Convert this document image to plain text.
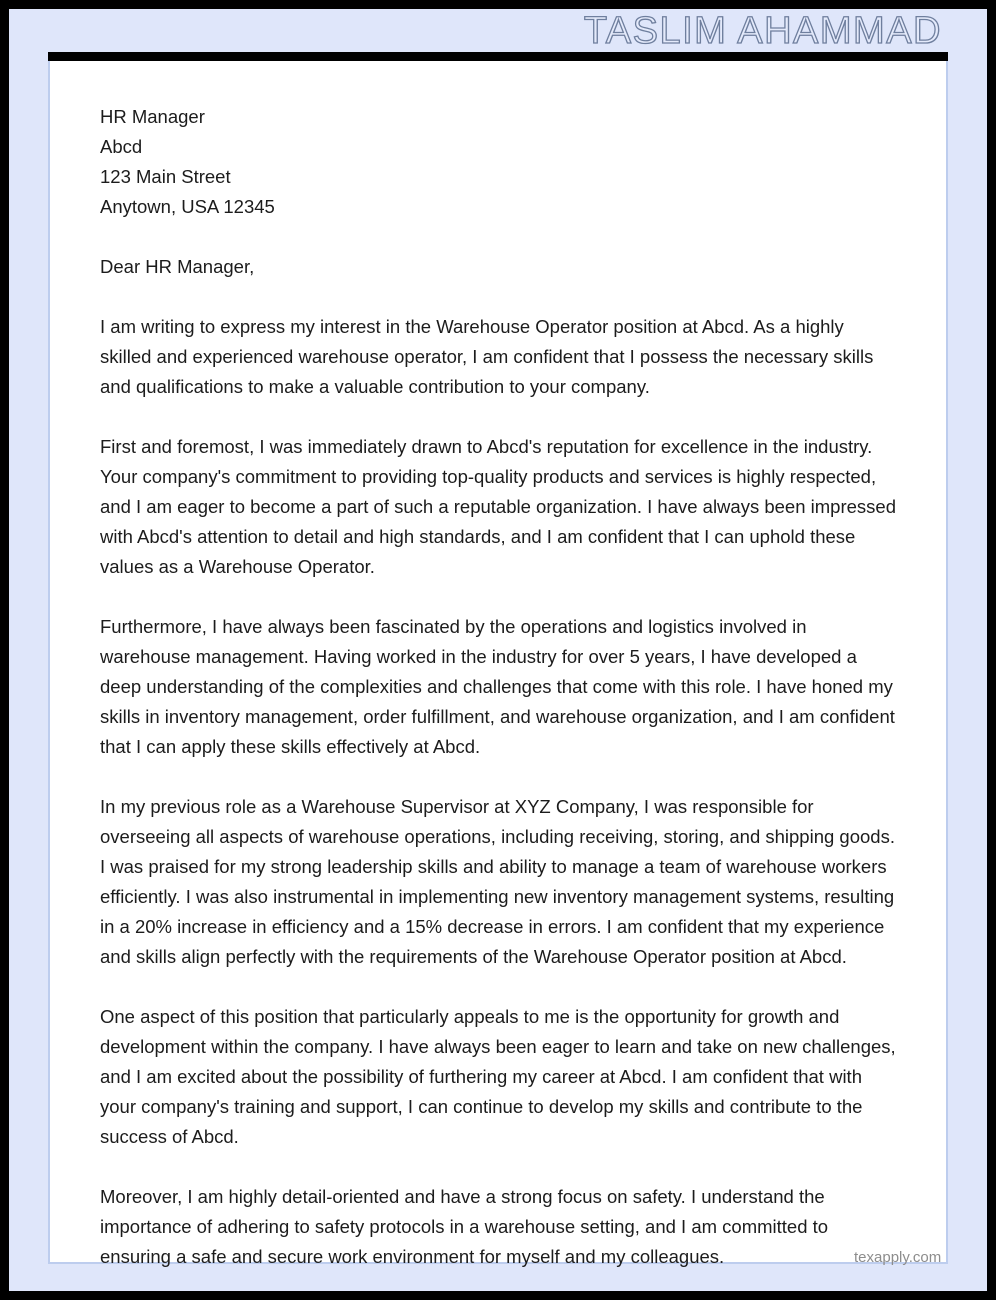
TASLIM AHAMMAD
HR Manager
Abcd
123 Main Street
Anytown, USA 12345

Dear HR Manager,

I am writing to express my interest in the Warehouse Operator position at Abcd. As a highly skilled and experienced warehouse operator, I am confident that I possess the necessary skills and qualifications to make a valuable contribution to your company.

First and foremost, I was immediately drawn to Abcd's reputation for excellence in the industry. Your company's commitment to providing top-quality products and services is highly respected, and I am eager to become a part of such a reputable organization. I have always been impressed with Abcd's attention to detail and high standards, and I am confident that I can uphold these values as a Warehouse Operator.

Furthermore, I have always been fascinated by the operations and logistics involved in warehouse management. Having worked in the industry for over 5 years, I have developed a deep understanding of the complexities and challenges that come with this role. I have honed my skills in inventory management, order fulfillment, and warehouse organization, and I am confident that I can apply these skills effectively at Abcd.

In my previous role as a Warehouse Supervisor at XYZ Company, I was responsible for overseeing all aspects of warehouse operations, including receiving, storing, and shipping goods. I was praised for my strong leadership skills and ability to manage a team of warehouse workers efficiently. I was also instrumental in implementing new inventory management systems, resulting in a 20% increase in efficiency and a 15% decrease in errors. I am confident that my experience and skills align perfectly with the requirements of the Warehouse Operator position at Abcd.

One aspect of this position that particularly appeals to me is the opportunity for growth and development within the company. I have always been eager to learn and take on new challenges, and I am excited about the possibility of furthering my career at Abcd. I am confident that with your company's training and support, I can continue to develop my skills and contribute to the success of Abcd.

Moreover, I am highly detail-oriented and have a strong focus on safety. I understand the importance of adhering to safety protocols in a warehouse setting, and I am committed to ensuring a safe and secure work environment for myself and my colleagues.	texapply.com
